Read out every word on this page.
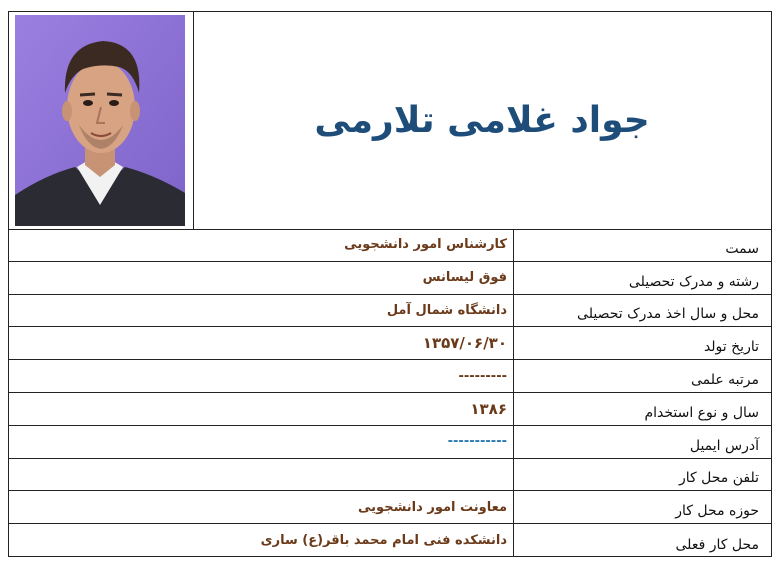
جواد غلامی تلارمی
سمت
کارشناس امور دانشجویی
رشته و مدرک تحصیلی
فوق لیسانس
محل و سال اخذ مدرک تحصیلی
دانشگاه شمال آمل
تاریخ تولد
۱۳۵۷/۰۶/۳۰
مرتبه علمی
---------
سال و نوع استخدام
۱۳۸۶
آدرس ایمیل
-----------
تلفن محل کار
حوزه محل کار
معاونت امور دانشجویی
محل کار فعلی
دانشکده فنی امام محمد باقر(ع) ساری
